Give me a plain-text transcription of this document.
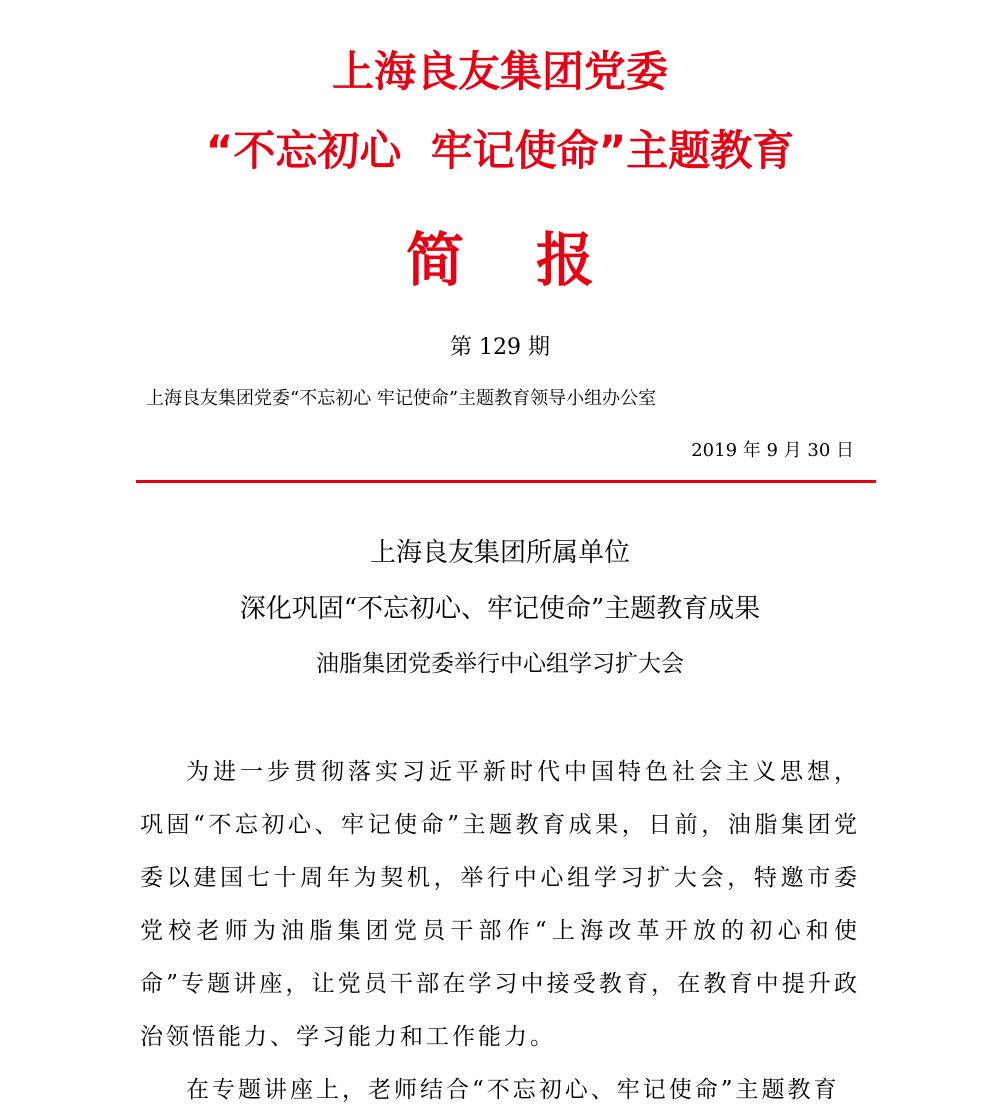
上海良友集团党委
“不忘初心  牢记使命”主题教育
简报
第 129 期
上海良友集团党委“不忘初心 牢记使命”主题教育领导小组办公室
2019 年 9 月 30 日
上海良友集团所属单位
深化巩固“不忘初心、牢记使命”主题教育成果
油脂集团党委举行中心组学习扩大会

为进一步贯彻落实习近平新时代中国特色社会主义思想，巩固“不忘初心、牢记使命”主题教育成果，日前，油脂集团党委以建国七十周年为契机，举行中心组学习扩大会，特邀市委党校老师为油脂集团党员干部作“上海改革开放的初心和使命”专题讲座，让党员干部在学习中接受教育，在教育中提升政治领悟能力、学习能力和工作能力。

在专题讲座上，老师结合“不忘初心、牢记使命”主题教育
